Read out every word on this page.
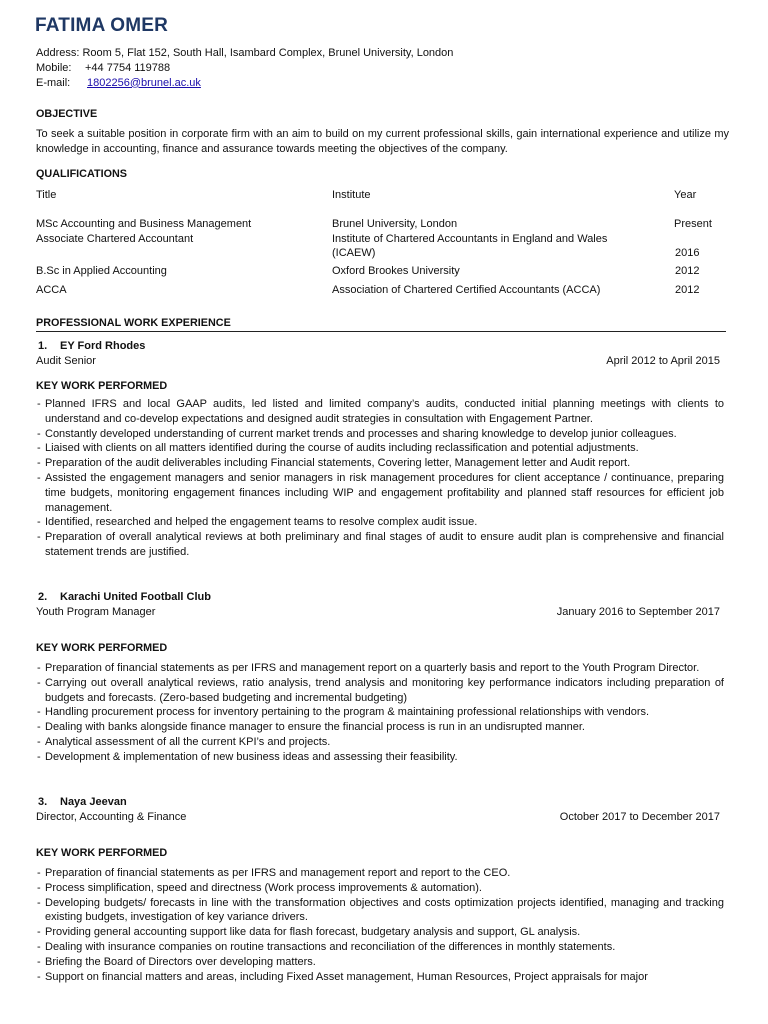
FATIMA OMER
Address: Room 5, Flat 152, South Hall, Isambard Complex, Brunel University, London
Mobile: +44 7754 119788
E-mail: 1802256@brunel.ac.uk
OBJECTIVE
To seek a suitable position in corporate firm with an aim to build on my current professional skills, gain international experience and utilize my knowledge in accounting, finance and assurance towards meeting the objectives of the company.
QUALIFICATIONS
Title	Institute	Year
MSc Accounting and Business Management	Brunel University, London	Present
Associate Chartered Accountant	Institute of Chartered Accountants in England and Wales
(ICAEW)	2016
B.Sc in Applied Accounting	Oxford Brookes University	2012
ACCA	Association of Chartered Certified Accountants (ACCA)	2012
PROFESSIONAL WORK EXPERIENCE
1. EY Ford Rhodes
Audit Senior	April 2012 to April 2015
KEY WORK PERFORMED
- Planned IFRS and local GAAP audits, led listed and limited company’s audits, conducted initial planning meetings with clients to understand and co-develop expectations and designed audit strategies in consultation with Engagement Partner.
- Constantly developed understanding of current market trends and processes and sharing knowledge to develop junior colleagues.
- Liaised with clients on all matters identified during the course of audits including reclassification and potential adjustments.
- Preparation of the audit deliverables including Financial statements, Covering letter, Management letter and Audit report.
- Assisted the engagement managers and senior managers in risk management procedures for client acceptance / continuance, preparing time budgets, monitoring engagement finances including WIP and engagement profitability and planned staff resources for efficient job management.
- Identified, researched and helped the engagement teams to resolve complex audit issue.
- Preparation of overall analytical reviews at both preliminary and final stages of audit to ensure audit plan is comprehensive and financial statement trends are justified.
2. Karachi United Football Club
Youth Program Manager	January 2016 to September 2017
KEY WORK PERFORMED
- Preparation of financial statements as per IFRS and management report on a quarterly basis and report to the Youth Program Director.
- Carrying out overall analytical reviews, ratio analysis, trend analysis and monitoring key performance indicators including preparation of budgets and forecasts. (Zero-based budgeting and incremental budgeting)
- Handling procurement process for inventory pertaining to the program & maintaining professional relationships with vendors.
- Dealing with banks alongside finance manager to ensure the financial process is run in an undisrupted manner.
- Analytical assessment of all the current KPI’s and projects.
- Development & implementation of new business ideas and assessing their feasibility.
3. Naya Jeevan
Director, Accounting & Finance	October 2017 to December 2017
KEY WORK PERFORMED
- Preparation of financial statements as per IFRS and management report and report to the CEO.
- Process simplification, speed and directness (Work process improvements & automation).
- Developing budgets/ forecasts in line with the transformation objectives and costs optimization projects identified, managing and tracking existing budgets, investigation of key variance drivers.
- Providing general accounting support like data for flash forecast, budgetary analysis and support, GL analysis.
- Dealing with insurance companies on routine transactions and reconciliation of the differences in monthly statements.
- Briefing the Board of Directors over developing matters.
- Support on financial matters and areas, including Fixed Asset management, Human Resources, Project appraisals for major
